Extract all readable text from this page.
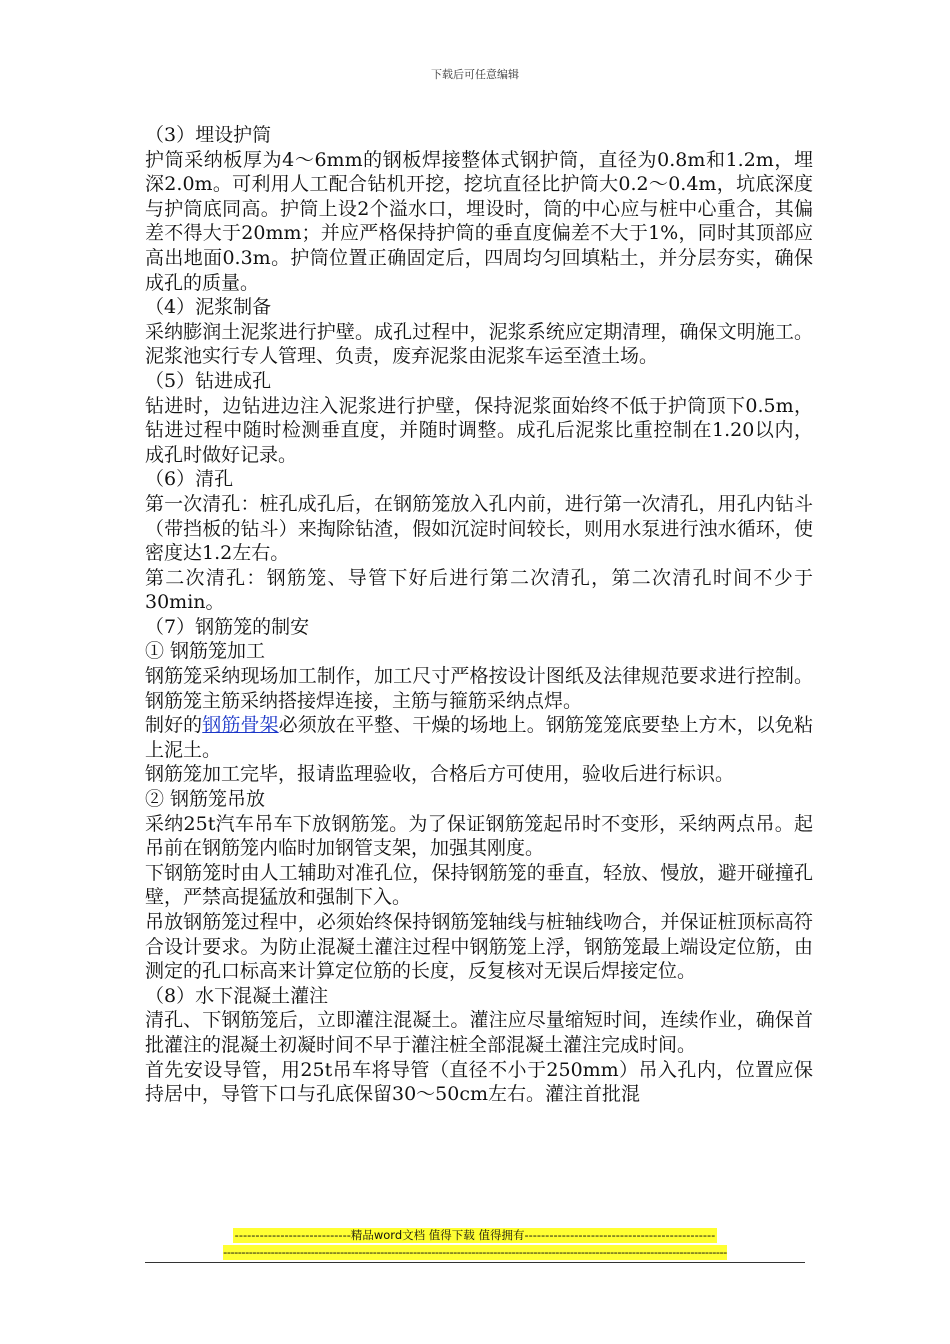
下载后可任意编辑

（3）埋设护筒

护筒采纳板厚为4～6mm的钢板焊接整体式钢护筒，直径为0.8m和1.2m，埋深2.0m。可利用人工配合钻机开挖，挖坑直径比护筒大0.2～0.4m，坑底深度与护筒底同高。护筒上设2个溢水口，埋设时，筒的中心应与桩中心重合，其偏差不得大于20mm；并应严格保持护筒的垂直度偏差不大于1%，同时其顶部应高出地面0.3m。护筒位置正确固定后，四周均匀回填粘土，并分层夯实，确保成孔的质量。

（4）泥浆制备

采纳膨润土泥浆进行护壁。成孔过程中，泥浆系统应定期清理，确保文明施工。泥浆池实行专人管理、负责，废弃泥浆由泥浆车运至渣土场。

（5）钻进成孔

钻进时，边钻进边注入泥浆进行护壁，保持泥浆面始终不低于护筒顶下0.5m，钻进过程中随时检测垂直度，并随时调整。成孔后泥浆比重控制在1.20以内，成孔时做好记录。

（6）清孔

第一次清孔：桩孔成孔后，在钢筋笼放入孔内前，进行第一次清孔，用孔内钻斗（带挡板的钻斗）来掏除钻渣，假如沉淀时间较长，则用水泵进行浊水循环，使密度达1.2左右。

第二次清孔：钢筋笼、导管下好后进行第二次清孔，第二次清孔时间不少于30min。

（7）钢筋笼的制安

① 钢筋笼加工

钢筋笼采纳现场加工制作，加工尺寸严格按设计图纸及法律规范要求进行控制。钢筋笼主筋采纳搭接焊连接，主筋与箍筋采纳点焊。

制好的钢筋骨架必须放在平整、干燥的场地上。钢筋笼笼底要垫上方木，以免粘上泥土。

钢筋笼加工完毕，报请监理验收，合格后方可使用，验收后进行标识。

② 钢筋笼吊放

采纳25t汽车吊车下放钢筋笼。为了保证钢筋笼起吊时不变形，采纳两点吊。起吊前在钢筋笼内临时加钢管支架，加强其刚度。

下钢筋笼时由人工辅助对准孔位，保持钢筋笼的垂直，轻放、慢放，避开碰撞孔壁，严禁高提猛放和强制下入。

吊放钢筋笼过程中，必须始终保持钢筋笼轴线与桩轴线吻合，并保证桩顶标高符合设计要求。为防止混凝土灌注过程中钢筋笼上浮，钢筋笼最上端设定位筋，由测定的孔口标高来计算定位筋的长度，反复核对无误后焊接定位。

（8）水下混凝土灌注

清孔、下钢筋笼后，立即灌注混凝土。灌注应尽量缩短时间，连续作业，确保首批灌注的混凝土初凝时间不早于灌注桩全部混凝土灌注完成时间。

首先安设导管，用25t吊车将导管（直径不小于250mm）吊入孔内，位置应保持居中，导管下口与孔底保留30～50cm左右。灌注首批混

----------------------------精品word文档 值得下载 值得拥有----------------------------------------------
------------------------------------------------------------------------------------------------------------------------------------------
